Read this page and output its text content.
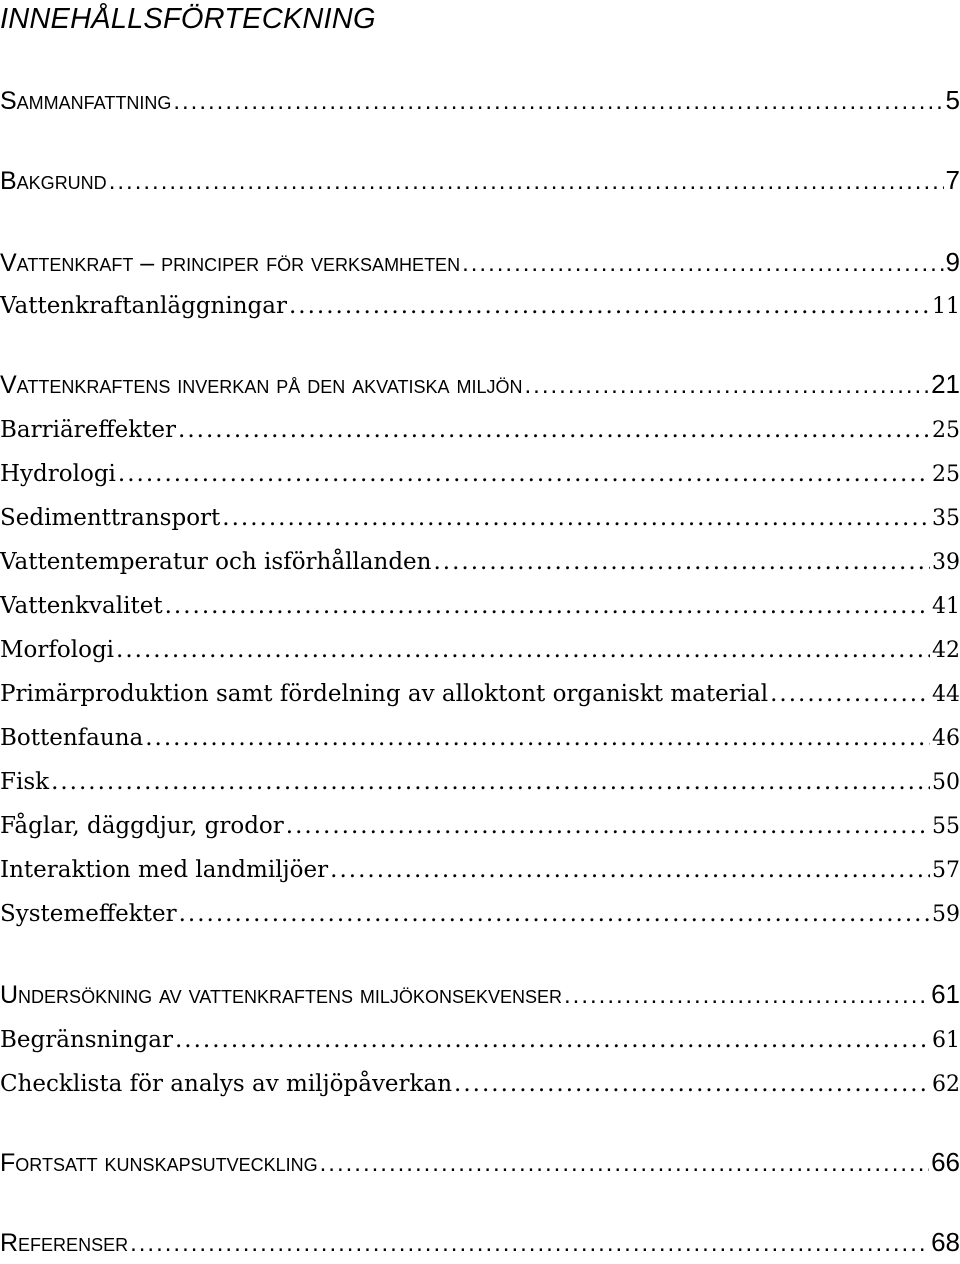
INNEHÅLLSFÖRTECKNING
Sammanfattning .....	5
Bakgrund .....	7
Vattenkraft – principer för verksamheten .....	9
Vattenkraftanläggningar .....	11
Vattenkraftens inverkan på den akvatiska miljön .....	21
Barriäreffekter .....	25
Hydrologi .....	25
Sedimenttransport .....	35
Vattentemperatur och isförhållanden .....	39
Vattenkvalitet .....	41
Morfologi .....	42
Primärproduktion samt fördelning av alloktont organiskt material .....	44
Bottenfauna .....	46
Fisk .....	50
Fåglar, däggdjur, grodor .....	55
Interaktion med landmiljöer .....	57
Systemeffekter .....	59
Undersökning av vattenkraftens miljökonsekvenser .....	61
Begränsningar .....	61
Checklista för analys av miljöpåverkan .....	62
Fortsatt kunskapsutveckling .....	66
Referenser .....	68
